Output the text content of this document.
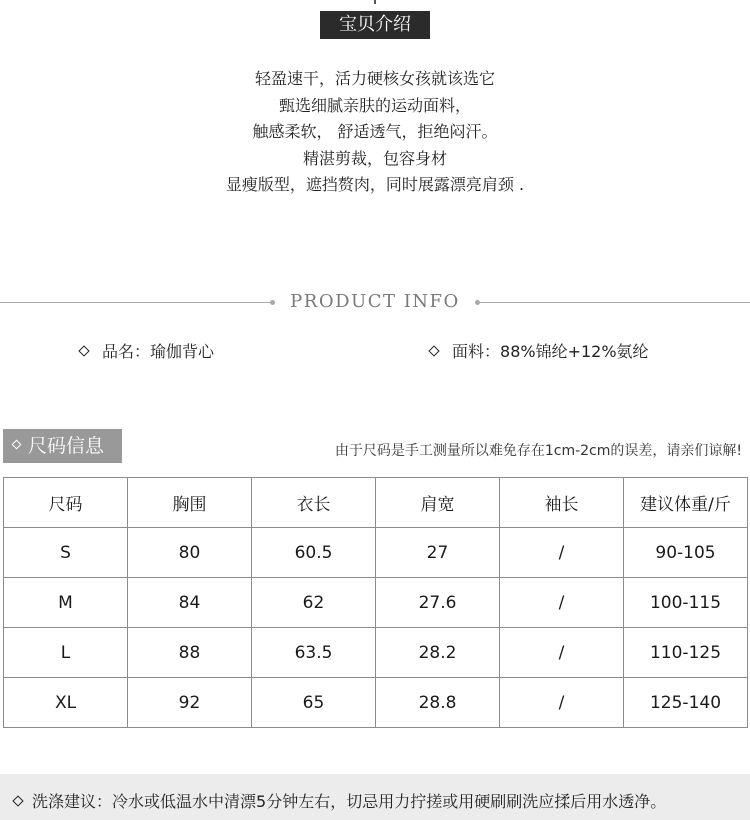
宝贝介绍
轻盈速干，活力硬核女孩就该选它
甄选细腻亲肤的运动面料，
触感柔软， 舒适透气，拒绝闷汗。
精湛剪裁，包容身材
显瘦版型，遮挡赘肉，同时展露漂亮肩颈 .
PRODUCT INFO
品名：瑜伽背心	面料：88%锦纶+12%氨纶
尺码信息	由于尺码是手工测量所以难免存在1cm-2cm的误差，请亲们谅解!
尺码	胸围	衣长	肩宽	袖长	建议体重/斤
S	80	60.5	27	/	90-105
M	84	62	27.6	/	100-115
L	88	63.5	28.2	/	110-125
XL	92	65	28.8	/	125-140
洗涤建议：冷水或低温水中清漂5分钟左右，切忌用力拧搓或用硬刷刷洗应揉后用水透净。
